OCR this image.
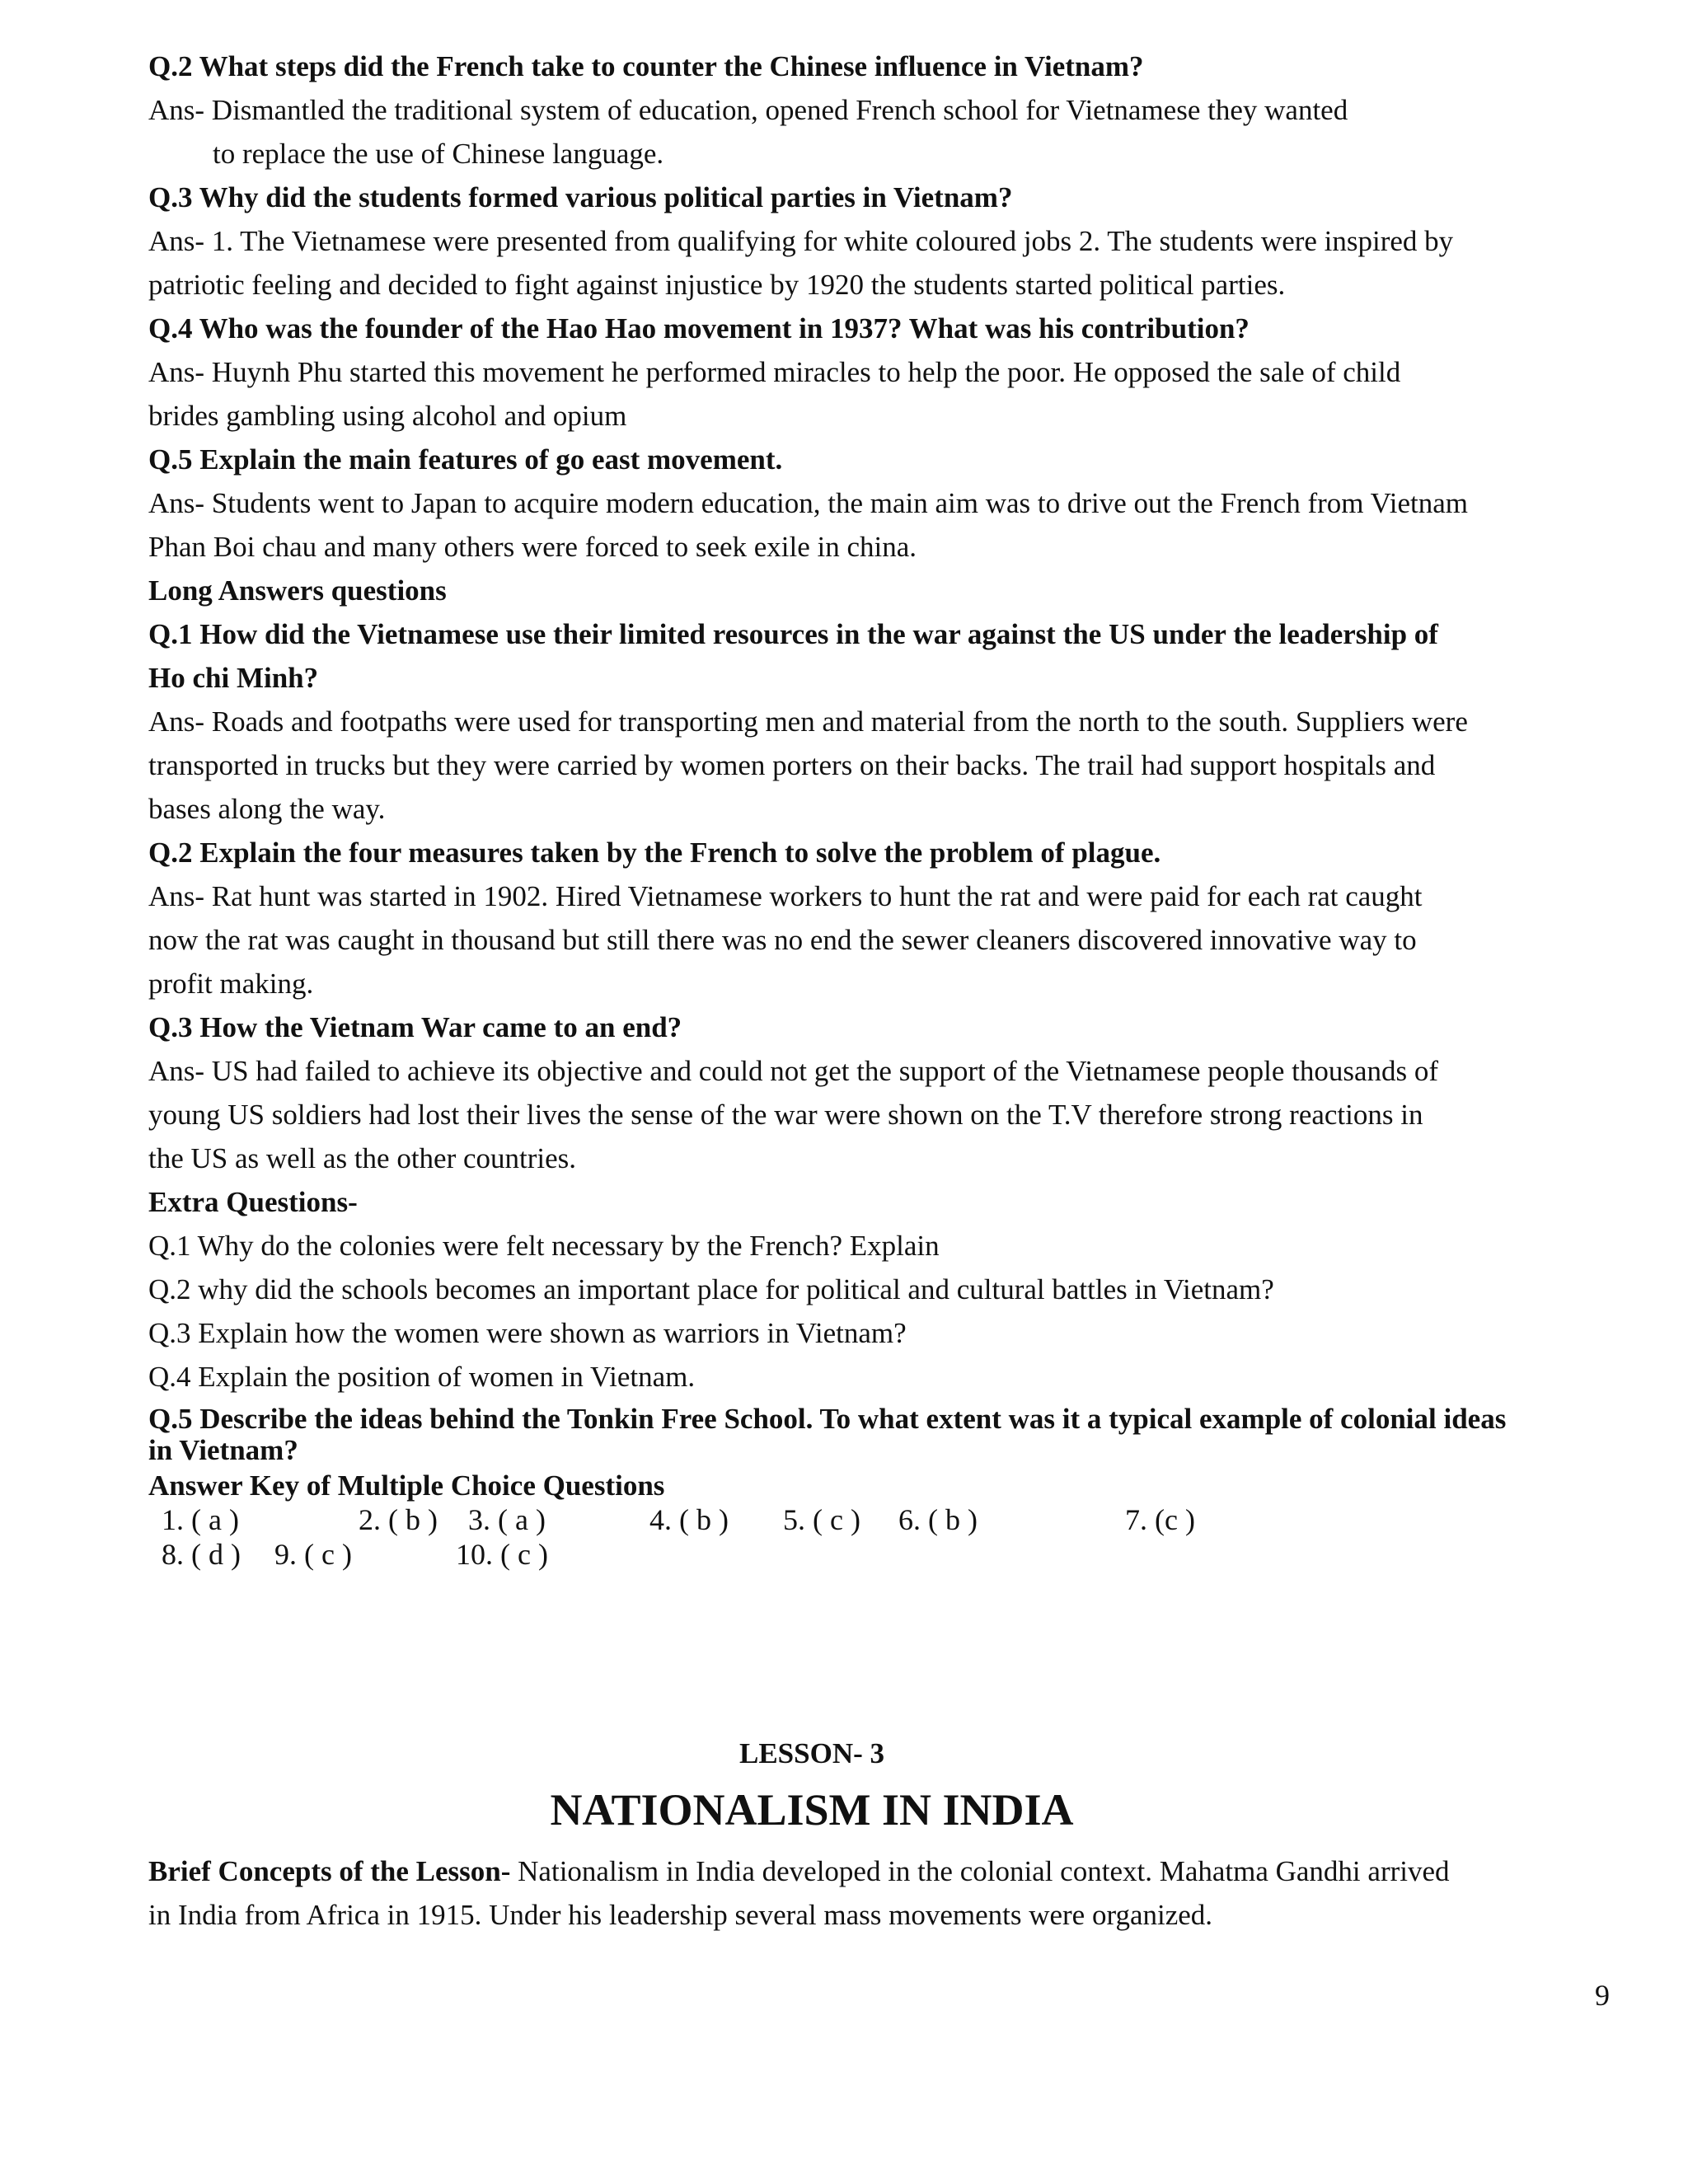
Q.2 What steps did the French take to counter the Chinese influence in Vietnam?

Ans- Dismantled the traditional system of education, opened French school for Vietnamese they wanted

to replace the use of Chinese language.

Q.3 Why did the students formed various political parties in Vietnam?

Ans- 1. The Vietnamese were presented from qualifying for white coloured jobs 2. The students were inspired by

patriotic feeling and decided to fight against injustice by 1920 the students started political parties.

Q.4 Who was the founder of the Hao Hao movement in 1937? What was his contribution?

Ans- Huynh Phu started this movement he performed miracles to help the poor. He opposed the sale of child

brides gambling using alcohol and opium

Q.5 Explain the main features of go east movement.

Ans- Students went to Japan to acquire modern education, the main aim was to drive out the French from Vietnam

Phan Boi chau and many others were forced to seek exile in china.

Long Answers questions

Q.1 How did the Vietnamese use their limited resources in the war against the US under the leadership of

Ho chi Minh?

Ans- Roads and footpaths were used for transporting men and material from the north to the south. Suppliers were

transported in trucks but they were carried by women porters on their backs. The trail had support hospitals and

bases along the way.

Q.2 Explain the four measures taken by the French to solve the problem of plague.

Ans- Rat hunt was started in 1902. Hired Vietnamese workers to hunt the rat and were paid for each rat caught

now the rat was caught in thousand but still there was no end the sewer cleaners discovered innovative way to

profit making.

Q.3 How the Vietnam War came to an end?

Ans- US had failed to achieve its objective and could not get the support of the Vietnamese people thousands of

young US soldiers had lost their lives the sense of the war were shown on the T.V therefore strong reactions in

the US as well as the other countries.

Extra Questions-

Q.1 Why do the colonies were felt necessary by the French? Explain

Q.2 why did the schools becomes an important place for political and cultural battles in Vietnam?

Q.3 Explain how the women were shown as warriors in Vietnam?

Q.4 Explain the position of women in Vietnam.

Q.5 Describe the ideas behind the Tonkin Free School. To what extent was it a typical example of colonial ideas

in Vietnam?

Answer Key of Multiple Choice Questions

1. ( a )	2. ( b ) 3. ( a )	4. ( b ) 5. ( c ) 6. ( b )	7. (c )
8. ( d ) 9. ( c )	10. ( c )
LESSON- 3
NATIONALISM IN INDIA

Brief Concepts of the Lesson- Nationalism in India developed in the colonial context. Mahatma Gandhi arrived

in India from Africa in 1915. Under his leadership several mass movements were organized.

9
